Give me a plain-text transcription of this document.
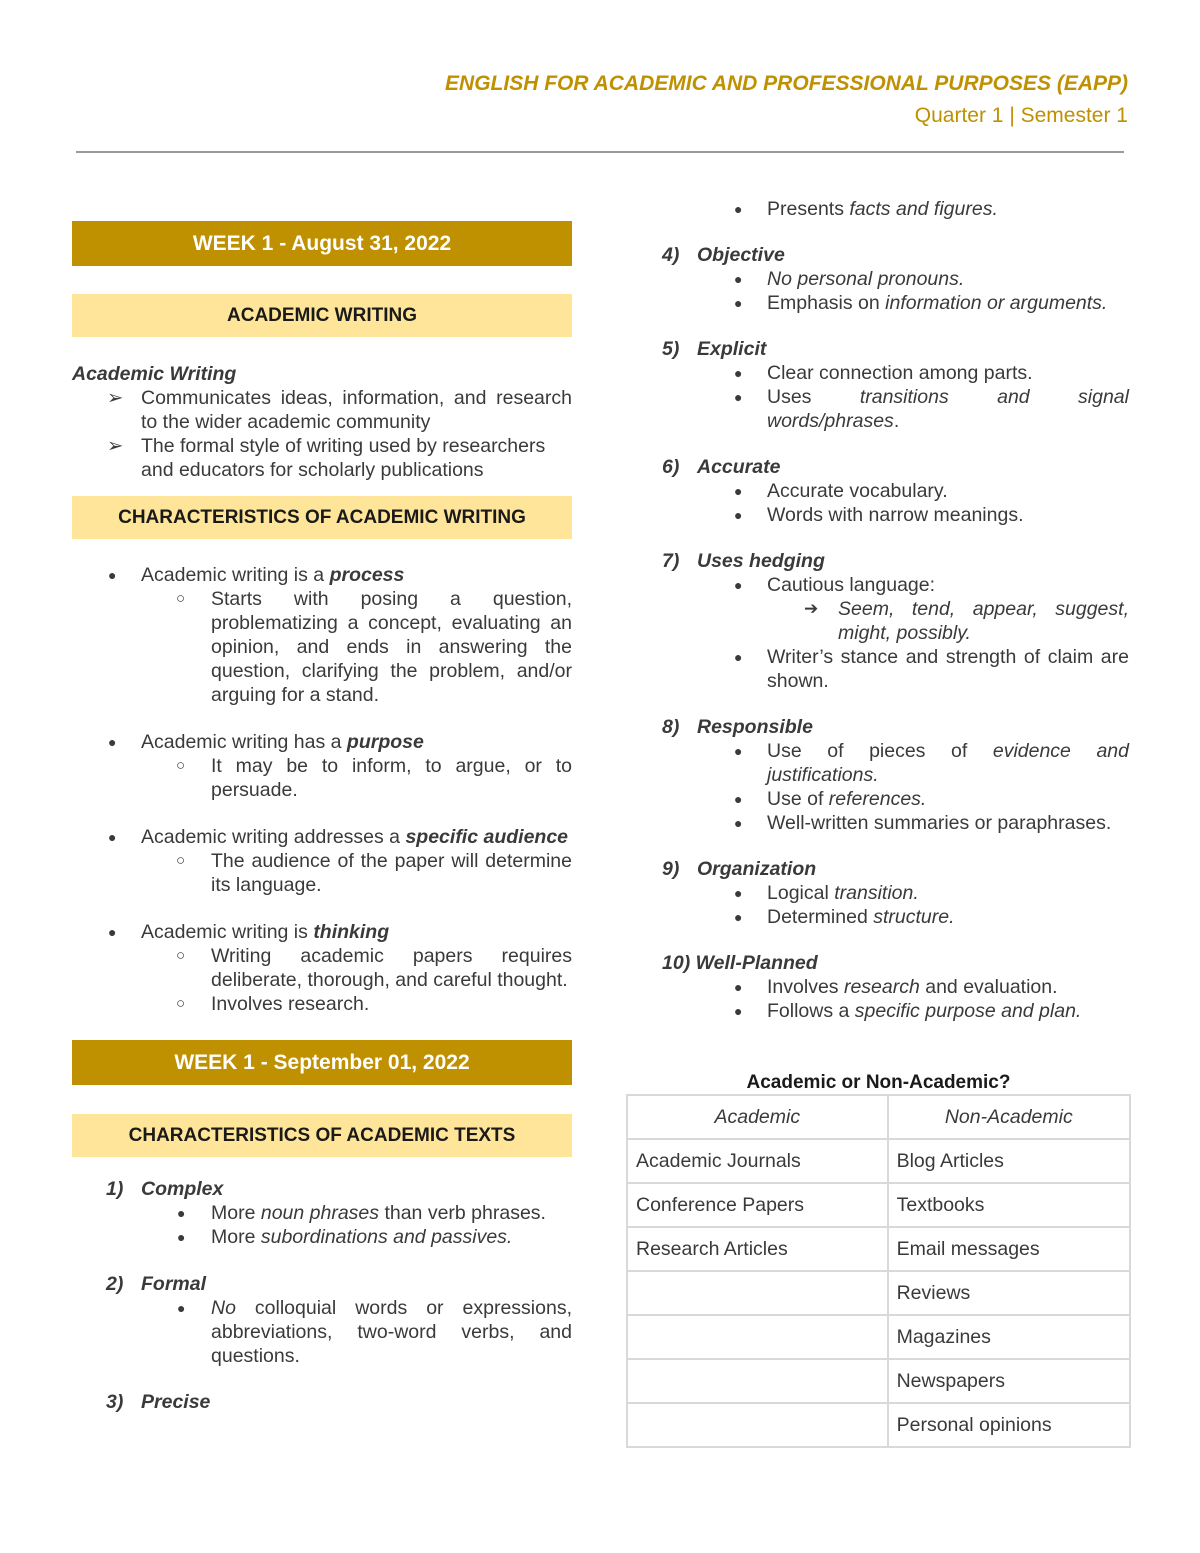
ENGLISH FOR ACADEMIC AND PROFESSIONAL PURPOSES (EAPP)
Quarter 1 | Semester 1
WEEK 1 - August 31, 2022
ACADEMIC WRITING
Academic Writing
➢ Communicates ideas, information, and research to the wider academic community
➢ The formal style of writing used by researchers and educators for scholarly publications
CHARACTERISTICS OF ACADEMIC WRITING
● Academic writing is a process
○ Starts with posing a question, problematizing a concept, evaluating an opinion, and ends in answering the question, clarifying the problem, and/or arguing for a stand.
● Academic writing has a purpose
○ It may be to inform, to argue, or to persuade.
● Academic writing addresses a specific audience
○ The audience of the paper will determine its language.
● Academic writing is thinking
○ Writing academic papers requires deliberate, thorough, and careful thought.
○ Involves research.
WEEK 1 - September 01, 2022
CHARACTERISTICS OF ACADEMIC TEXTS
1) Complex
● More noun phrases than verb phrases.
● More subordinations and passives.
2) Formal
● No colloquial words or expressions, abbreviations, two-word verbs, and questions.
3) Precise
● Presents facts and figures.
4) Objective
● No personal pronouns.
● Emphasis on information or arguments.
5) Explicit
● Clear connection among parts.
● Uses transitions and signal words/phrases.
6) Accurate
● Accurate vocabulary.
● Words with narrow meanings.
7) Uses hedging
● Cautious language:
➔ Seem, tend, appear, suggest, might, possibly.
● Writer’s stance and strength of claim are shown.
8) Responsible
● Use of pieces of evidence and justifications.
● Use of references.
● Well-written summaries or paraphrases.
9) Organization
● Logical transition.
● Determined structure.
10) Well-Planned
● Involves research and evaluation.
● Follows a specific purpose and plan.
Academic or Non-Academic?
Academic	Non-Academic
Academic Journals	Blog Articles
Conference Papers	Textbooks
Research Articles	Email messages
	Reviews
	Magazines
	Newspapers
	Personal opinions
